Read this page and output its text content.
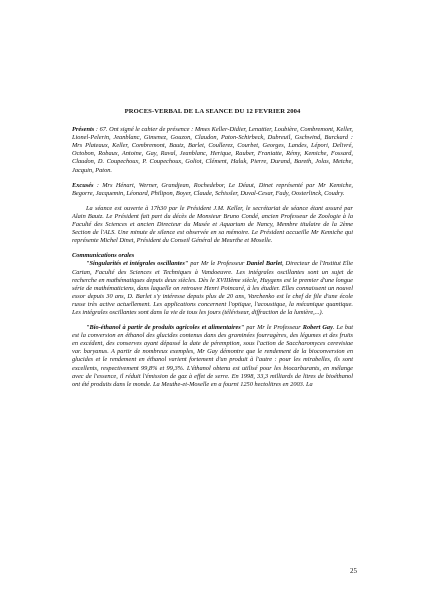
PROCES-VERBAL DE LA SEANCE DU 12 FEVRIER 2004

Présents : 67. Ont signé le cahier de présence : Mmes Keller-Didier, Lenattier, Loubière, Combremont, Keller, Lionel-Pelerin, Jeanblanc, Gimenez, Gouzon, Claudon, Paton-Schirbeck, Dubreuil, Gschwind, Burckard : Mrs Plateaux, Keller, Combremont, Bautz, Barlet, Coullerez, Courbet, Georges, Landes, Lépori, Delivré, Octobon, Robaux, Antoine, Gay, Raval, Jeanblanc, Herique, Rauber, Franiatte, Rémy, Kemiche, Fossard, Claudon, D. Coupechoux, P. Coupechoux, Goliot, Clément, Haluk, Pierre, Durand, Bareth, Jolas, Metche, Jacquin, Paton.

Excusés : Mrs Hénart, Werner, Grandjean, Rochedebor, Le Déaut, Dinet représenté par Mr Kemiche, Begorre, Jacquemin, Léonard, Philipon, Boyer, Claude, Schissler, Duval-Cesar, Fady, Oosterlinck, Coudry.

La séance est ouverte à 17h30 par le Président J.M. Keller, le secrétariat de séance étant assuré par Alain Bautz. Le Président fait part du décès de Monsieur Bruno Condé, ancien Professeur de Zoologie à la Faculté des Sciences et ancien Directeur du Musée et Aquarium de Nancy, Membre titulaire de la 2ème Section de l'ALS. Une minute de silence est observée en sa mémoire. Le Président accueille Mr Kemiche qui représente Michel Dinet, Président du Conseil Général de Meurthe et Moselle.

Communications orales

"Singularités et intégrales oscillantes" par Mr le Professeur Daniel Barlet, Directeur de l'Institut Elie Cartan, Faculté des Sciences et Techniques à Vandoeuvre. Les intégrales oscillantes sont un sujet de recherche en mathématiques depuis deux siècles. Dès le XVIIIème siècle, Huygens est le premier d'une longue série de mathématiciens, dans laquelle on retrouve Henri Poincaré, à les étudier. Elles connaissent un nouvel essor depuis 30 ans, D. Barlet s'y intéresse depuis plus de 20 ans, Varchenko est le chef de file d'une école russe très active actuellement. Les applications concernent l'optique, l'acoustique, la mécanique quantique. Les intégrales oscillantes sont dans la vie de tous les jours (téléviseur, diffraction de la lumière,...).

"Bio-éthanol à partir de produits agricoles et alimentaires" par Mr le Professeur Robert Gay. Le but est la conversion en éthanol des glucides contenus dans des graminées fourragères, des légumes et des fruits en excédent, des conserves ayant dépassé la date de péremption, sous l'action de Saccharomyces cerevisiae var. baryanus. A partir de nombreux exemples, Mr Gay démontre que le rendement de la bioconversion en glucides et le rendement en éthanol varient fortement d'un produit à l'autre : pour les mirabelles, ils sont excellents, respectivement 99,8% et 99,3%. L'éthanol obtenu est utilisé pour les biocarburants, en mélange avec de l'essence, il réduit l'émission de gaz à effet de serre. En 1998, 33,3 milliards de litres de bioéthanol ont été produits dans le monde. La Meuthe-et-Moselle en a fourni 1250 hectolitres en 2003. La

25
